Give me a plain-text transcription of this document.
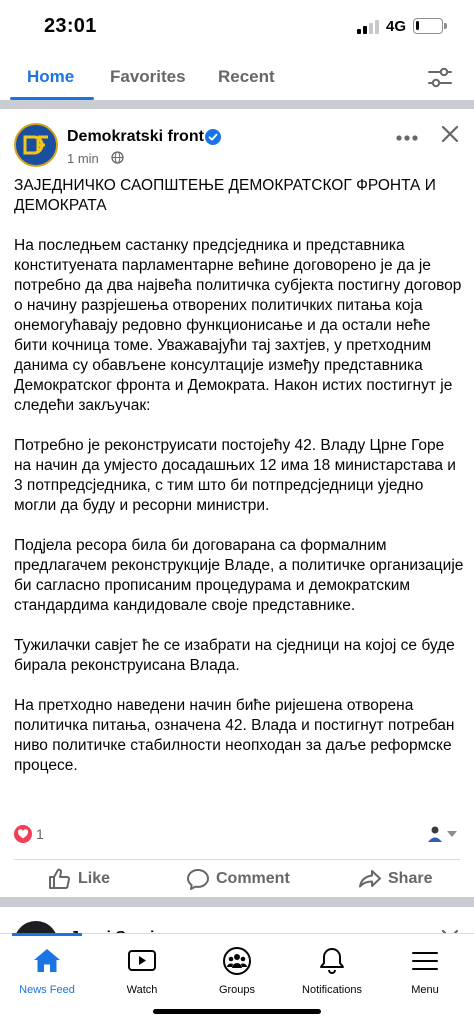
23:01	4G
Home Favorites Recent
Demokratski front
1 min

ЗАЈЕДНИЧКО САОПШТЕЊЕ ДЕМОКРАТСКОГ ФРОНТА И ДЕМОКРАТА

На последњем састанку предсједника и представника конституената парламентарне већине договорено је да је потребно да два највећа политичка субјекта постигну договор о начину разрјешења отворених политичких питања која онемогућавају редовно функционисање и да остали неће бити кочница томе. Уважавајући тај захтјев, у претходним данима су обављене консултације између представника Демократског фронта и Демократа. Након истих постигнут је следећи закључак:

Потребно је реконструисати постојећу 42. Владу Црне Горе на начин да умјесто досадашњих 12 има 18 министарстава и 3 потпредсједника, с тим што би потпредсједници уједно могли да буду и ресорни министри.

Подјела ресора била би договарана са формалним предлагачем реконструкције Владе, а политичке организације би сагласно прописаним процедурама и демократским стандардима кандидовале своје представнике.

Тужилачки савјет ће се изабрати на сједници на којој се буде бирала реконструисана Влада.

На претходно наведени начин биће ријешена отворена политичка питања, означена 42. Влада и постигнут потребан ниво политичке стабилности неопходан за даље реформске процесе.

1
Like	Comment	Share
News Feed	Watch	Groups	Notifications	Menu
